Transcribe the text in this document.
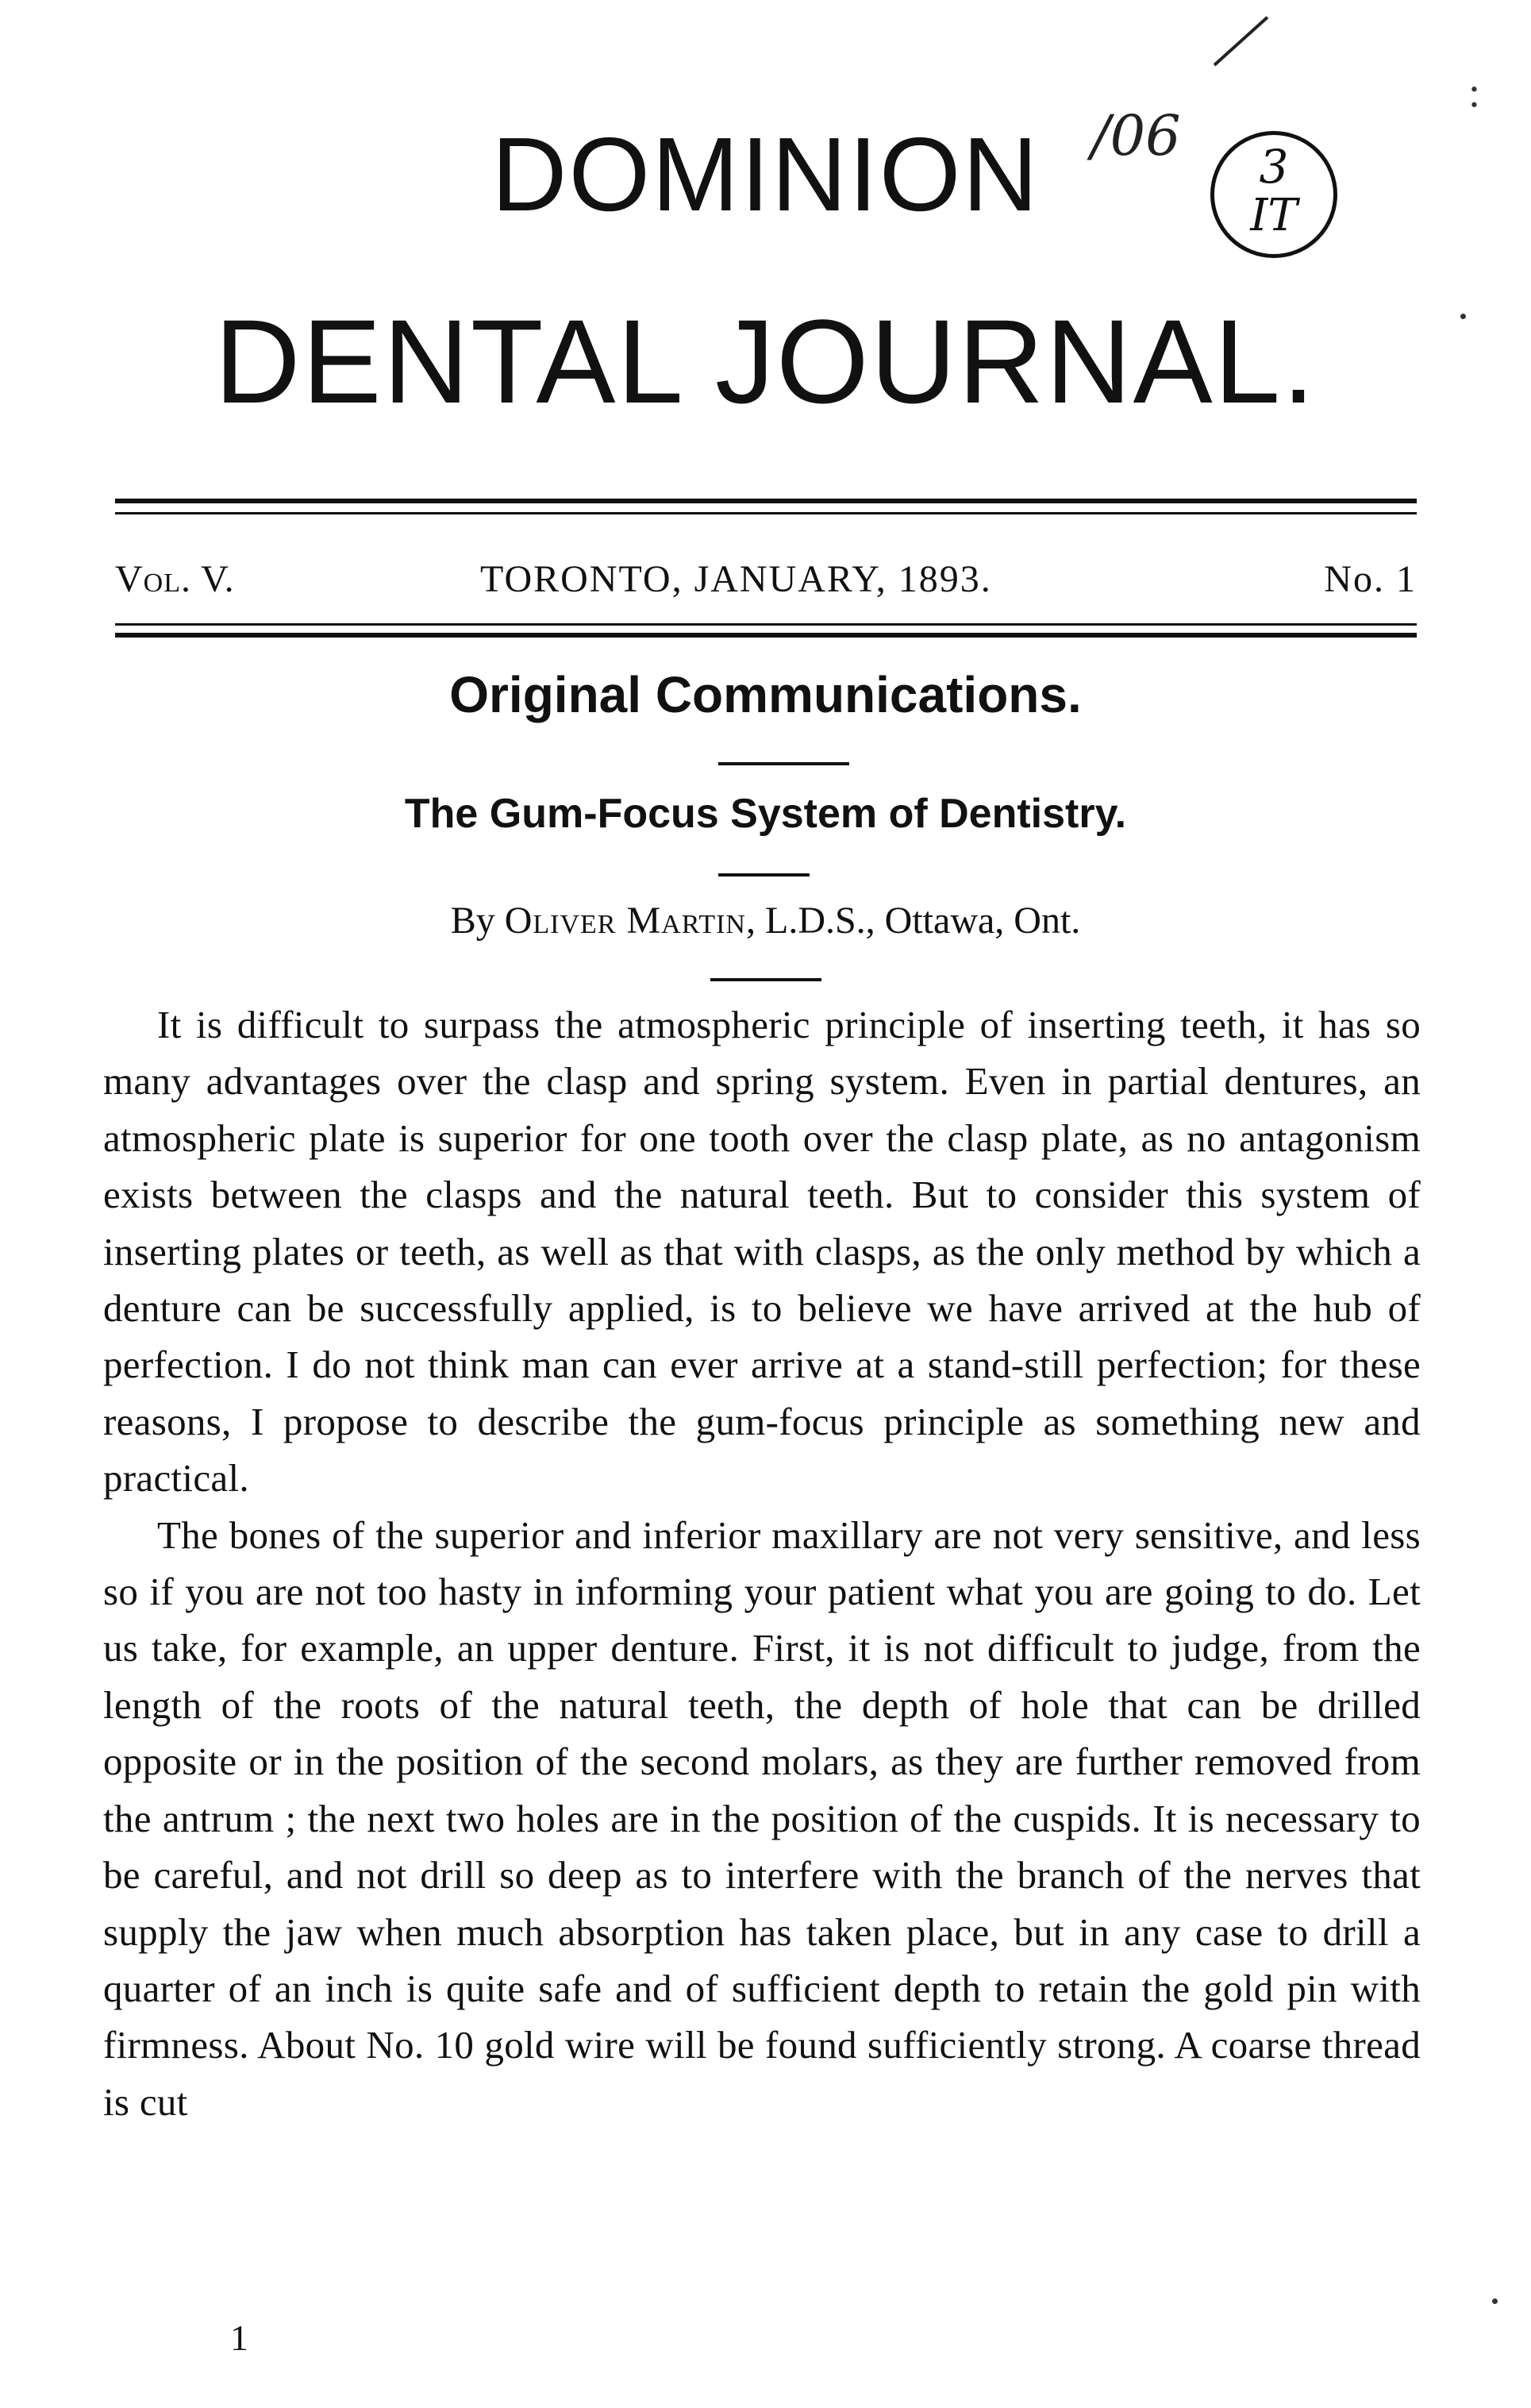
DOMINION
DENTAL JOURNAL.
/06	3
IT
:
Vol. V.	TORONTO, JANUARY, 1893.	No. 1
Original Communications.
The Gum-Focus System of Dentistry.
By Oliver Martin, L.D.S., Ottawa, Ont.

It is difficult to surpass the atmospheric principle of inserting teeth, it has so many advantages over the clasp and spring system. Even in partial dentures, an atmospheric plate is superior for one tooth over the clasp plate, as no antagonism exists between the clasps and the natural teeth. But to consider this system of inserting plates or teeth, as well as that with clasps, as the only method by which a denture can be successfully applied, is to believe we have arrived at the hub of perfection. I do not think man can ever arrive at a stand-still perfection; for these reasons, I propose to describe the gum-focus principle as something new and practical.

The bones of the superior and inferior maxillary are not very sensitive, and less so if you are not too hasty in informing your patient what you are going to do. Let us take, for example, an upper denture. First, it is not difficult to judge, from the length of the roots of the natural teeth, the depth of hole that can be drilled opposite or in the position of the second molars, as they are further removed from the antrum ; the next two holes are in the position of the cuspids. It is necessary to be careful, and not drill so deep as to interfere with the branch of the nerves that supply the jaw when much absorption has taken place, but in any case to drill a quarter of an inch is quite safe and of sufficient depth to retain the gold pin with firmness. About No. 10 gold wire will be found sufficiently strong. A coarse thread is cut

1
